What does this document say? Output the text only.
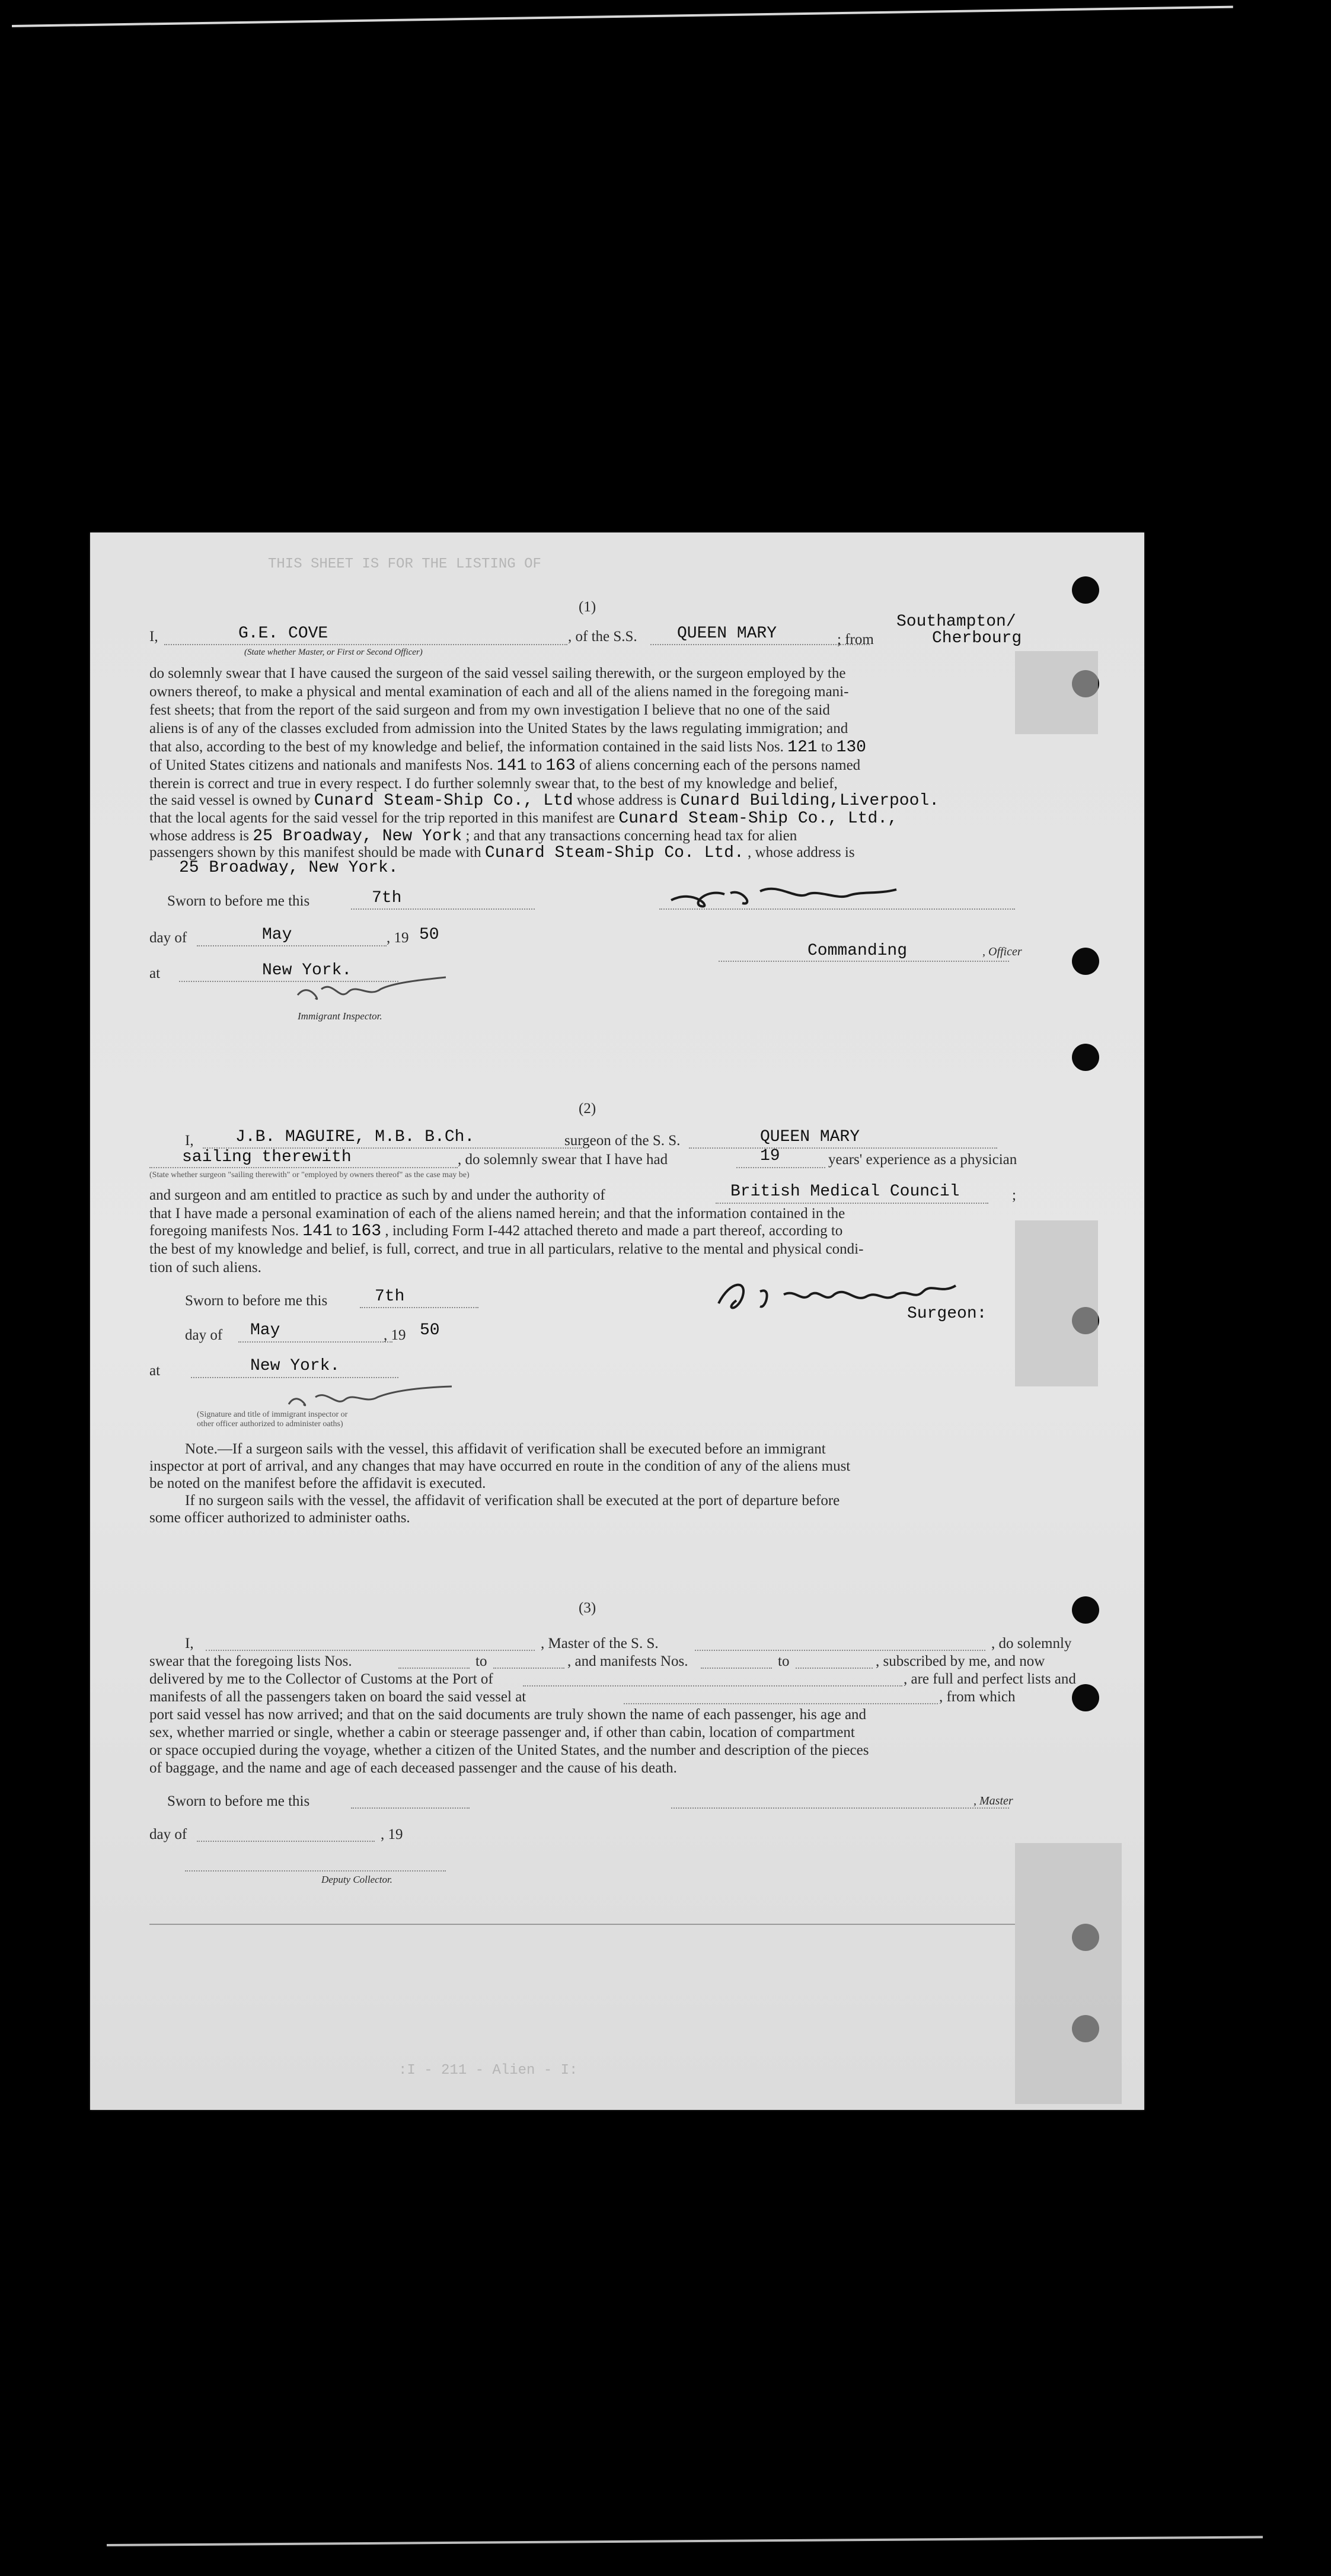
THIS SHEET IS FOR THE LISTING OF
:I - 211 - Alien - I:
(1)
I,	G.E. COVE
(State whether Master, or First or Second Officer)
, of the S.S. QUEEN MARY	; from
Southampton/
Cherbourg
do solemnly swear that I have caused the surgeon of the said vessel sailing therewith, or the surgeon employed by the
owners thereof, to make a physical and mental examination of each and all of the aliens named in the foregoing mani-
fest sheets; that from the report of the said surgeon and from my own investigation I believe that no one of the said
aliens is of any of the classes excluded from admission into the United States by the laws regulating immigration; and
that also, according to the best of my knowledge and belief, the information contained in the said lists Nos. 121 to 130
of United States citizens and nationals and manifests Nos. 141 to 163 of aliens concerning each of the persons named
therein is correct and true in every respect. I do further solemnly swear that, to the best of my knowledge and belief,
the said vessel is owned by Cunard Steam-Ship Co., Ltd whose address is Cunard Building,Liverpool.
that the local agents for the said vessel for the trip reported in this manifest are Cunard Steam-Ship Co., Ltd.,
whose address is 25 Broadway, New York ; and that any transactions concerning head tax for alien
passengers shown by this manifest should be made with Cunard Steam-Ship Co. Ltd. , whose address is
25 Broadway, New York.
Sworn to before me this	7th
day of	May	, 19 50
Commanding	, Officer
at	New York.
Immigrant Inspector.
(2)
I,	J.B. MAGUIRE, M.B. B.Ch.	surgeon of the S. S.	QUEEN MARY
sailing therewith	, do solemnly swear that I have had	19	years' experience as a physician
(State whether surgeon "sailing therewith" or "employed by owners thereof" as the case may be)
and surgeon and am entitled to practice as such by and under the authority of	British Medical Council	;
that I have made a personal examination of each of the aliens named herein; and that the information contained in the
foregoing manifests Nos. 141 to 163 , including Form I-442 attached thereto and made a part thereof, according to
the best of my knowledge and belief, is full, correct, and true in all particulars, relative to the mental and physical condi-
tion of such aliens.
Sworn to before me this	7th
Surgeon:
day of May	, 19 50
at	New York.
(Signature and title of immigrant inspector or
other officer authorized to administer oaths)
Note.—If a surgeon sails with the vessel, this affidavit of verification shall be executed before an immigrant
inspector at port of arrival, and any changes that may have occurred en route in the condition of any of the aliens must
be noted on the manifest before the affidavit is executed.
If no surgeon sails with the vessel, the affidavit of verification shall be executed at the port of departure before
some officer authorized to administer oaths.
(3)
I,	, Master of the S. S.	, do solemnly
swear that the foregoing lists Nos.	to	, and manifests Nos.	to	, subscribed by me, and now
delivered by me to the Collector of Customs at the Port of	, are full and perfect lists and
manifests of all the passengers taken on board the said vessel at	, from which
port said vessel has now arrived; and that on the said documents are truly shown the name of each passenger, his age and
sex, whether married or single, whether a cabin or steerage passenger and, if other than cabin, location of compartment
or space occupied during the voyage, whether a citizen of the United States, and the number and description of the pieces
of baggage, and the name and age of each deceased passenger and the cause of his death.
Sworn to before me this	, Master
day of	, 19
Deputy Collector.
